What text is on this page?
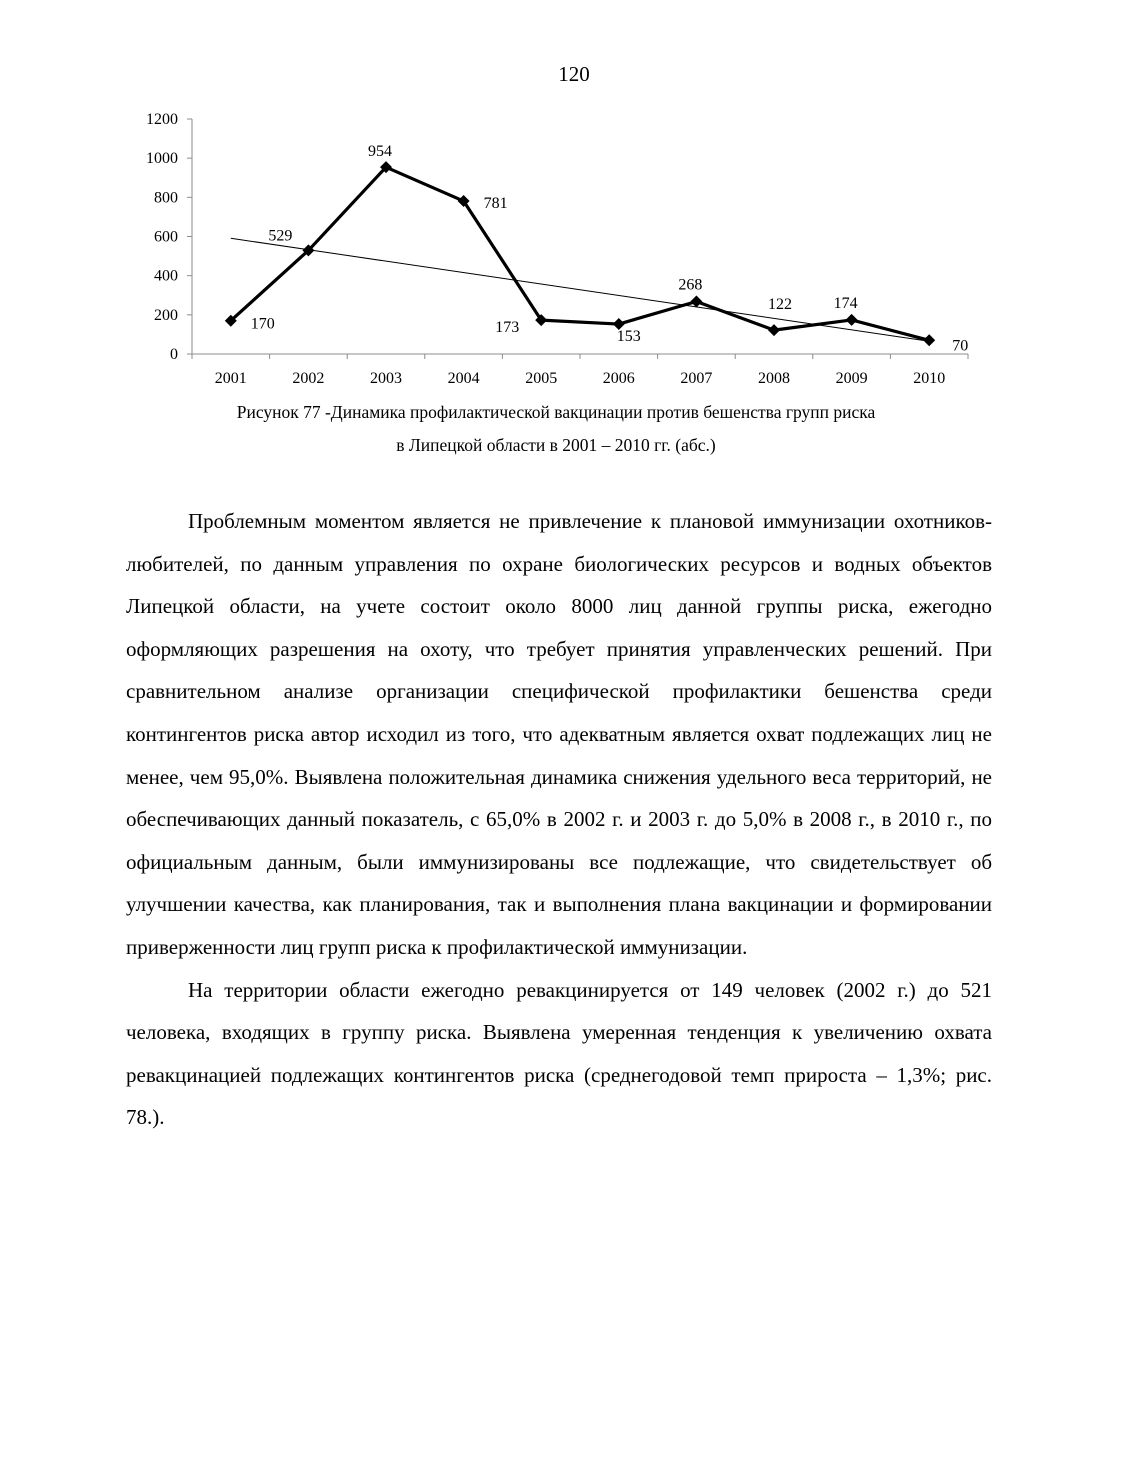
120
0
200
400
600
800
1000
1200
2001	2002	2003	2004	2005	2006	2007	2008	2009	2010
170
529
954
781
173
153
268
122	174
70
Рисунок 77 -Динамика профилактической вакцинации против бешенства групп риска
в Липецкой области в 2001 – 2010 гг. (абс.)

Проблемным моментом является не привлечение к плановой иммунизации охотников-любителей, по данным управления по охране биологических ресурсов и водных объектов Липецкой области, на учете состоит около 8000 лиц данной группы риска, ежегодно оформляющих разрешения на охоту, что требует принятия управленческих решений. При сравнительном анализе организации специфической профилактики бешенства среди контингентов риска автор исходил из того, что адекватным является охват подлежащих лиц не менее, чем 95,0%. Выявлена положительная динамика снижения удельного веса территорий, не обеспечивающих данный показатель, с 65,0% в 2002 г. и 2003 г. до 5,0% в 2008 г., в 2010 г., по официальным данным, были иммунизированы все подлежащие, что свидетельствует об улучшении качества, как планирования, так и выполнения плана вакцинации и формировании приверженности лиц групп риска к профилактической иммунизации.

На территории области ежегодно ревакцинируется от 149 человек (2002 г.) до 521 человека, входящих в группу риска. Выявлена умеренная тенденция к увеличению охвата ревакцинацией подлежащих контингентов риска (среднегодовой темп прироста – 1,3%; рис. 78.).
